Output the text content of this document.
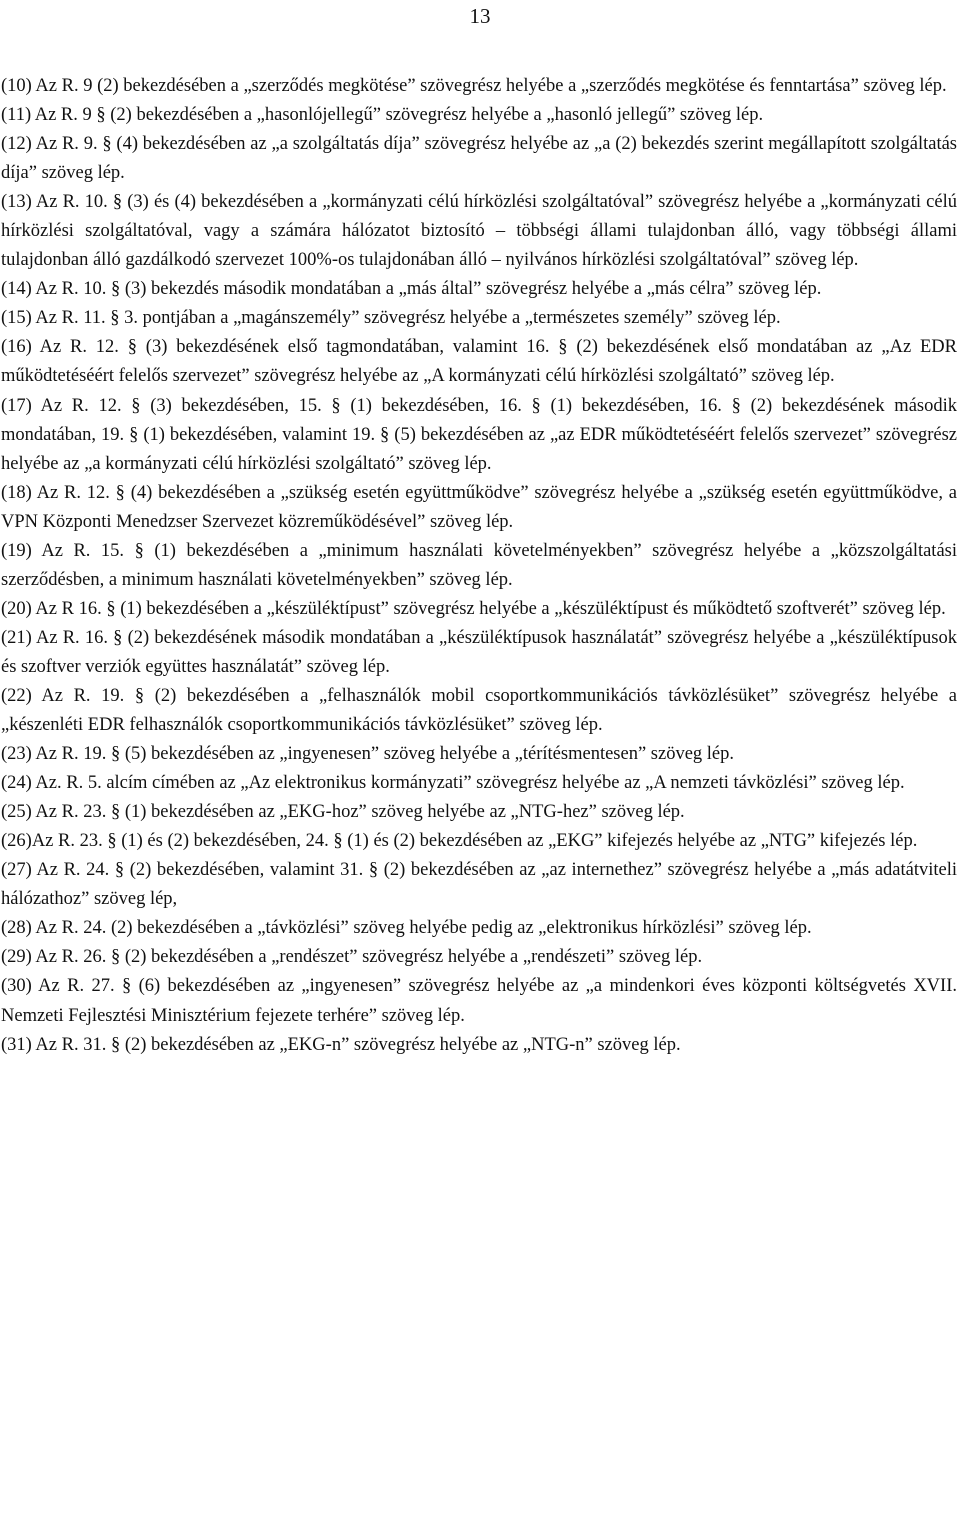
13

(10) Az R. 9 (2) bekezdésében a „szerződés megkötése” szövegrész helyébe a „szerződés megkötése és fenntartása” szöveg lép.

(11) Az R. 9 § (2) bekezdésében a „hasonlójellegű” szövegrész helyébe a „hasonló jellegű” szöveg lép.

(12) Az R. 9. § (4) bekezdésében az „a szolgáltatás díja” szövegrész helyébe az „a (2) bekezdés szerint megállapított szolgáltatás díja” szöveg lép.

(13) Az R. 10. § (3) és (4) bekezdésében a „kormányzati célú hírközlési szolgáltatóval” szövegrész helyébe a „kormányzati célú hírközlési szolgáltatóval, vagy a számára hálózatot biztosító – többségi állami tulajdonban álló, vagy többségi állami tulajdonban álló gazdálkodó szervezet 100%-os tulajdonában álló – nyilvános hírközlési szolgáltatóval” szöveg lép.

(14) Az R. 10. § (3) bekezdés második mondatában a „más által” szövegrész helyébe a „más célra” szöveg lép.

(15) Az R. 11. § 3. pontjában a „magánszemély” szövegrész helyébe a „természetes személy” szöveg lép.

(16) Az R. 12. § (3) bekezdésének első tagmondatában, valamint 16. § (2) bekezdésének első mondatában az „Az EDR működtetéséért felelős szervezet” szövegrész helyébe az „A kormányzati célú hírközlési szolgáltató” szöveg lép.

(17) Az R. 12. § (3) bekezdésében, 15. § (1) bekezdésében, 16. § (1) bekezdésében, 16. § (2) bekezdésének második mondatában, 19. § (1) bekezdésében, valamint 19. § (5) bekezdésében az „az EDR működtetéséért felelős szervezet” szövegrész helyébe az „a kormányzati célú hírközlési szolgáltató” szöveg lép.

(18) Az R. 12. § (4) bekezdésében a „szükség esetén együttműködve” szövegrész helyébe a „szükség esetén együttműködve, a VPN Központi Menedzser Szervezet közreműködésével” szöveg lép.

(19) Az R. 15. § (1) bekezdésében a „minimum használati követelményekben” szövegrész helyébe a „közszolgáltatási szerződésben, a minimum használati követelményekben” szöveg lép.

(20) Az R 16. § (1) bekezdésében a „készüléktípust” szövegrész helyébe a „készüléktípust és működtető szoftverét” szöveg lép.

(21) Az R. 16. § (2) bekezdésének második mondatában a „készüléktípusok használatát” szövegrész helyébe a „készüléktípusok és szoftver verziók együttes használatát” szöveg lép.

(22) Az R. 19. § (2) bekezdésében a „felhasználók mobil csoportkommunikációs távközlésüket” szövegrész helyébe a „készenléti EDR felhasználók csoportkommunikációs távközlésüket” szöveg lép.

(23) Az R. 19. § (5) bekezdésében az „ingyenesen” szöveg helyébe a „térítésmentesen” szöveg lép.

(24) Az. R. 5. alcím címében az „Az elektronikus kormányzati” szövegrész helyébe az „A nemzeti távközlési” szöveg lép.

(25) Az R. 23. § (1) bekezdésében az „EKG-hoz” szöveg helyébe az „NTG-hez” szöveg lép.

(26)Az R. 23. § (1) és (2) bekezdésében, 24. § (1) és (2) bekezdésében az „EKG” kifejezés helyébe az „NTG” kifejezés lép.

(27) Az R. 24. § (2) bekezdésében, valamint 31. § (2) bekezdésében az „az internethez” szövegrész helyébe a „más adatátviteli hálózathoz” szöveg lép,

(28) Az R. 24. (2) bekezdésében a „távközlési” szöveg helyébe pedig az „elektronikus hírközlési” szöveg lép.

(29) Az R. 26. § (2) bekezdésében a „rendészet” szövegrész helyébe a „rendészeti” szöveg lép.

(30) Az R. 27. § (6) bekezdésében az „ingyenesen” szövegrész helyébe az „a mindenkori éves központi költségvetés XVII. Nemzeti Fejlesztési Minisztérium fejezete terhére” szöveg lép.

(31) Az R. 31. § (2) bekezdésében az „EKG-n” szövegrész helyébe az „NTG-n” szöveg lép.
